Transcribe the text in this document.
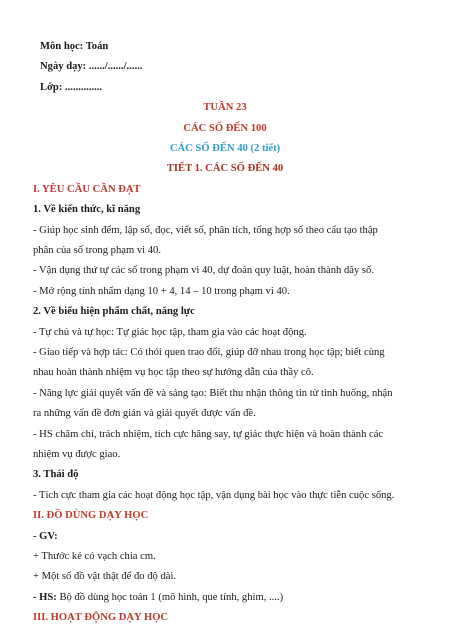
Môn học: Toán
Ngày dạy: ....../....../......
Lớp: ..............
TUẦN 23
CÁC SỐ ĐẾN 100
CÁC SỐ ĐẾN 40 (2 tiết)
TIẾT 1. CÁC SỐ ĐẾN 40
I. YÊU CẦU CẦN ĐẠT
1. Về kiến thức, kĩ năng
- Giúp học sinh đếm, lập số, đọc, viết số, phân tích, tổng hợp số theo cấu tạo thập
phân của số trong phạm vi 40.
- Vận dụng thứ tự các số trong phạm vi 40, dự đoán quy luật, hoàn thành dãy số.
- Mở rộng tính nhẩm dạng 10 + 4, 14 – 10 trong phạm vi 40.
2. Về biểu hiện phẩm chất, năng lực
- Tự chủ và tự học: Tự giác học tập, tham gia vào các hoạt động.
- Giao tiếp và hợp tác: Có thói quen trao đổi, giúp đỡ nhau trong học tập; biết cùng
nhau hoàn thành nhiệm vụ học tập theo sự hướng dẫn của thầy cô.
- Năng lực giải quyết vấn đề và sáng tạo: Biết thu nhận thông tin từ tình huống, nhận
ra những vấn đề đơn giản và giải quyết được vấn đề.
- HS chăm chỉ, trách nhiệm, tích cực hăng say, tự giác thực hiện và hoàn thành các
nhiệm vụ được giao.
3. Thái độ
- Tích cực tham gia các hoạt động học tập, vận dụng bài học vào thực tiễn cuộc sống.
II. ĐỒ DÙNG DẠY HỌC
- GV:
+ Thước kẻ có vạch chia cm.
+ Một số đồ vật thật để đo độ dài.
- HS: Bộ đồ dùng học toán 1 (mô hình, que tính, ghim, ....)
III. HOẠT ĐỘNG DẠY HỌC
